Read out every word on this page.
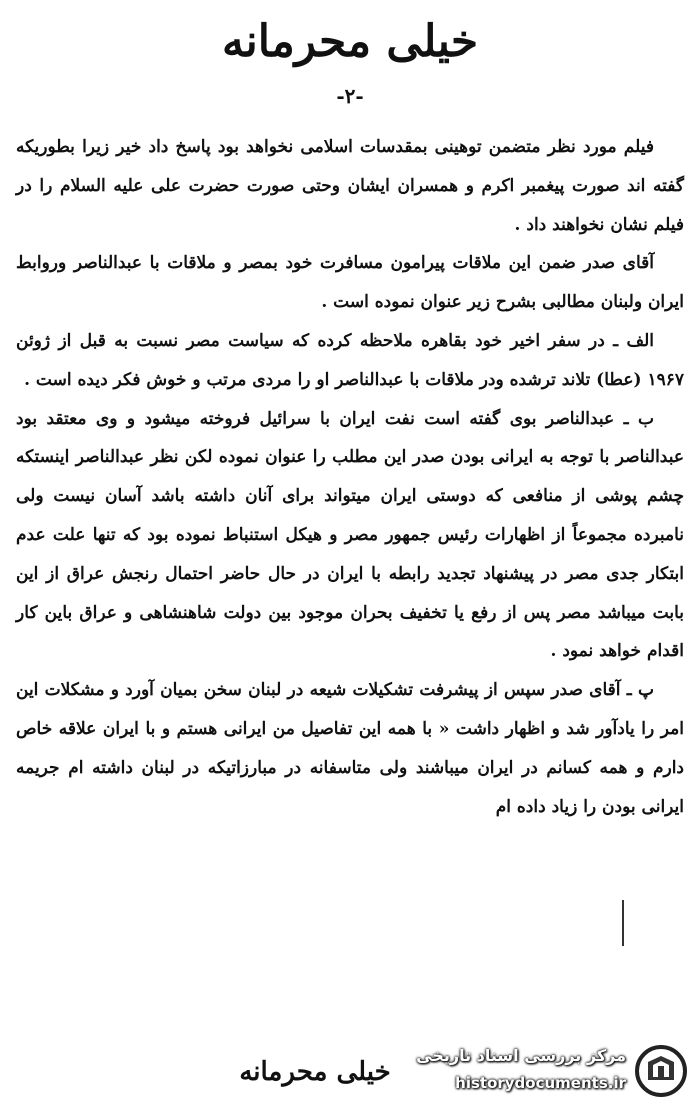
خیلی محرمانه
-۲-

فیلم مورد نظر متضمن توهینی بمقدسات اسلامی نخواهد بود پاسخ داد خیر زیرا بطوریکه گفته اند صورت پیغمبر اکرم و همسران ایشان وحتی صورت حضرت علی علیه السلام را در فیلم نشان نخواهند داد .

آقای صدر ضمن این ملاقات پیرامون مسافرت خود بمصر و ملاقات با عبدالناصر وروابط ایران ولبنان مطالبی بشرح زیر عنوان نموده است .

الف ـ در سفر اخیر خود بقاهره ملاحظه کرده که سیاست مصر نسبت به قبل از ژوئن ۱۹۶۷ (عطا) تلاند ترشده ودر ملاقات با عبدالناصر او را مردی مرتب و خوش فکر دیده است .

ب ـ عبدالناصر بوی گفته است نفت ایران با سرائیل فروخته میشود و وی معتقد بود عبدالناصر با توجه به ایرانی بودن صدر این مطلب را عنوان نموده لکن نظر عبدالناصر اینستکه چشم پوشی از منافعی که دوستی ایران میتواند برای آنان داشته باشد آسان نیست ولی نامبرده مجموعاً از اظهارات رئیس جمهور مصر و هیکل استنباط نموده بود که تنها علت عدم ابتکار جدی مصر در پیشنهاد تجدید رابطه با ایران در حال حاضر احتمال رنجش عراق از این بابت میباشد مصر پس از رفع یا تخفیف بحران موجود بین دولت شاهنشاهی و عراق باین کار اقدام خواهد نمود .

پ ـ آقای صدر سپس از پیشرفت تشکیلات شیعه در لبنان سخن بمیان آورد و مشکلات این امر را یادآور شد و اظهار داشت « با همه این تفاصیل من ایرانی هستم و با ایران علاقه خاص دارم و همه کسانم در ایران میباشند ولی متاسفانه در مبارزاتیکه در لبنان داشته ام جریمه ایرانی بودن را زیاد داده ام

خیلی محرمانه
مرکز بررسی اسناد تاریخی
historydocuments.ir
